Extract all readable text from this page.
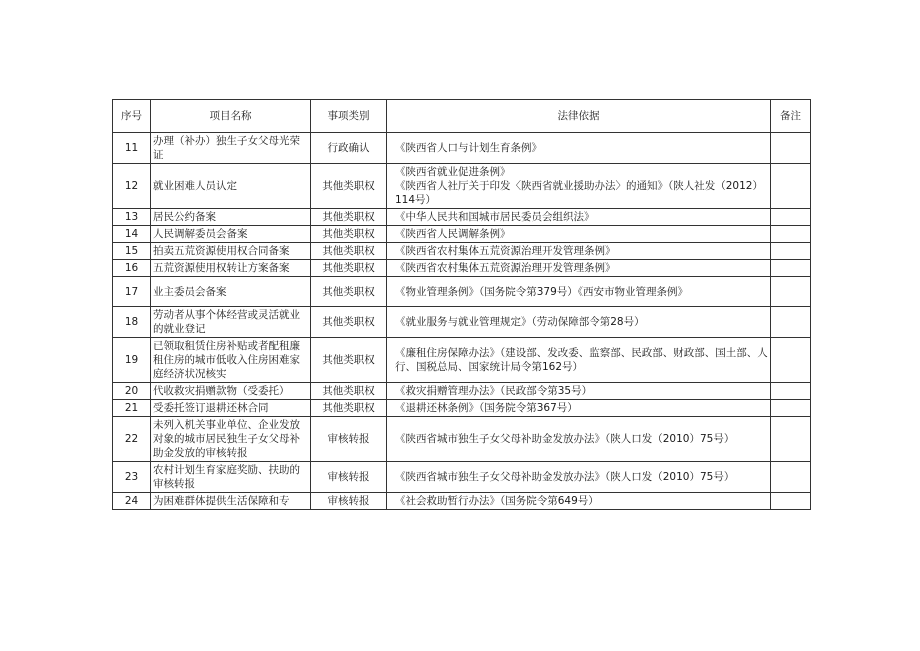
序号	项目名称	事项类别	法律依据	备注
11	办理（补办）独生子女父母光荣证	行政确认	《陕西省人口与计划生育条例》	

12	就业困难人员认定	其他类职权	《陕西省就业促进条例》
《陕西省人社厅关于印发〈陕西省就业援助办法〉的通知》（陕人社发（2012）114号）	

13	居民公约备案	其他类职权	《中华人民共和国城市居民委员会组织法》	

14	人民调解委员会备案	其他类职权	《陕西省人民调解条例》	

15	拍卖五荒资源使用权合同备案	其他类职权	《陕西省农村集体五荒资源治理开发管理条例》	

16	五荒资源使用权转让方案备案	其他类职权	《陕西省农村集体五荒资源治理开发管理条例》	

17	业主委员会备案	其他类职权	《物业管理条例》（国务院令第379号）《西安市物业管理条例》	

18	劳动者从事个体经营或灵活就业的就业登记	其他类职权	《就业服务与就业管理规定》（劳动保障部令第28号）	

19	已领取租赁住房补贴或者配租廉租住房的城市低收入住房困难家庭经济状况核实	其他类职权	《廉租住房保障办法》（建设部、发改委、监察部、民政部、财政部、国土部、人行、国税总局、国家统计局令第162号）	

20	代收救灾捐赠款物（受委托）	其他类职权	《救灾捐赠管理办法》（民政部令第35号）	

21	受委托签订退耕还林合同	其他类职权	《退耕还林条例》（国务院令第367号）	

22	未列入机关事业单位、企业发放对象的城市居民独生子女父母补助金发放的审核转报	审核转报	《陕西省城市独生子女父母补助金发放办法》（陕人口发（2010）75号）	

23	农村计划生育家庭奖励、扶助的审核转报	审核转报	《陕西省城市独生子女父母补助金发放办法》（陕人口发（2010）75号）	

24	为困难群体提供生活保障和专	审核转报	《社会救助暂行办法》（国务院令第649号）	
